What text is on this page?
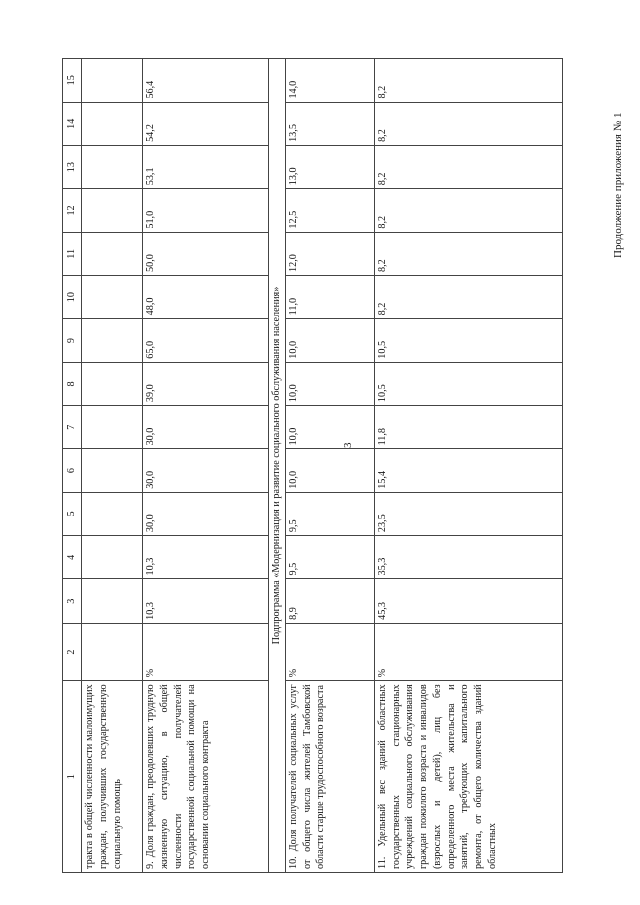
3
Продолжение приложения № 1
1	2	3	4	5	6	7	8	9	10	11	12	13	14	15
тракта в общей численности малоимущих граждан, получивших государственную социальную помощь														
9. Доля граждан, преодолевших трудную жизненную ситуацию, в общей численности получателей государственной социальной помощи на основании социального контракта	%	10,3	10,3	30,0	30,0	30,0	39,0	65,0	48,0	50,0	51,0	53,1	54,2	56,4
Подпрограмма «Модернизация и развитие социального обслуживания населения»														
10. Доля получателей социальных услуг от общего числа жителей Тамбовской области старше трудоспособного возраста	%	8,9	9,5	9,5	10,0	10,0	10,0	10,0	11,0	12,0	12,5	13,0	13,5	14,0
11. Удельный вес зданий областных государственных стационарных учреждений социального обслуживания граждан пожилого возраста и инвалидов (взрослых и детей), лиц без определенного места жительства и занятий, требующих капитального ремонта, от общего количества зданий областных	%	45,3	35,3	23,5	15,4	11,8	10,5	10,5	8,2	8,2	8,2	8,2	8,2	8,2
